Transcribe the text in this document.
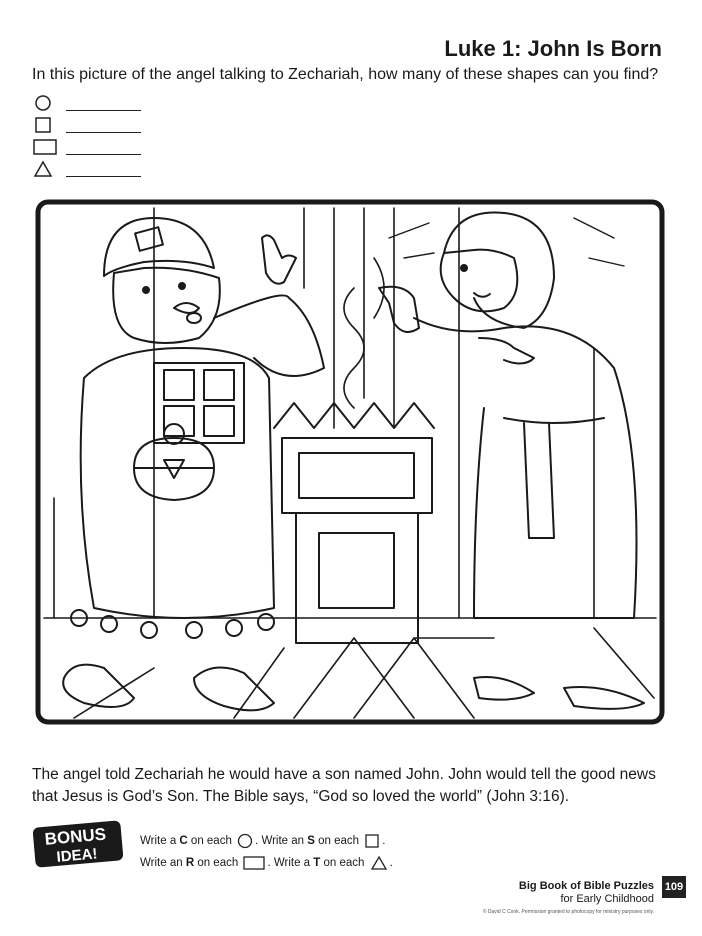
Luke 1: John Is Born
In this picture of the angel talking to Zechariah, how many of these shapes can you find?
The angel told Zechariah he would have a son named John. John would tell the good news that Jesus is God’s Son. The Bible says, “God so loved the world” (John 3:16).
BONUS
IDEA!
Write a C on each . Write an S on each .
Write an R on each . Write a T on each .
Big Book of Bible Puzzles
for Early Childhood
© David C Cook. Permission granted to photocopy for ministry purposes only.
109
